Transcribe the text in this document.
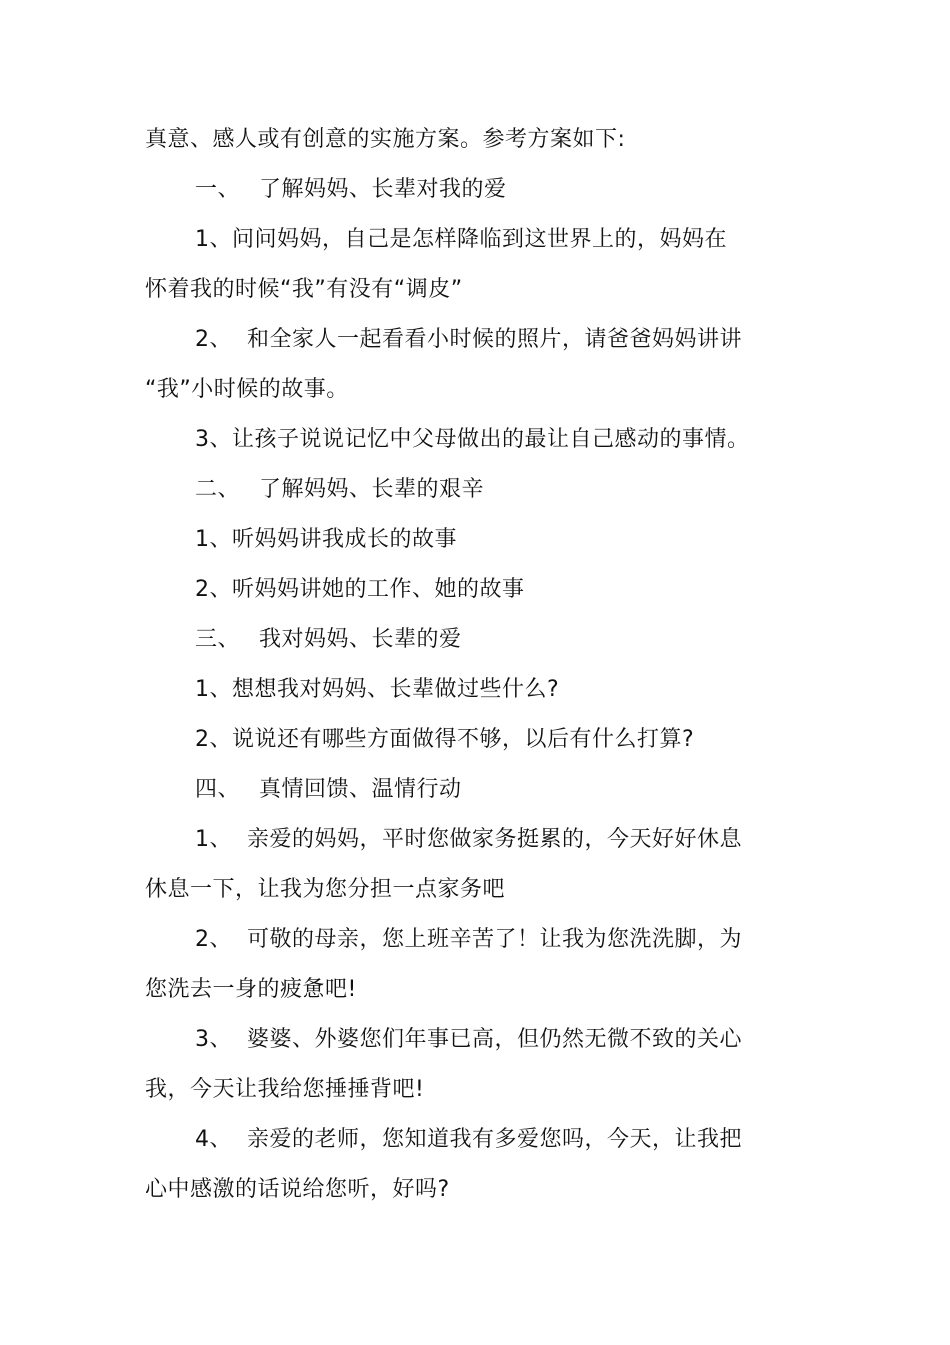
真意、感人或有创意的实施方案。参考方案如下:
一、 了解妈妈、长辈对我的爱
1、问问妈妈，自己是怎样降临到这世界上的，妈妈在
怀着我的时候“我”有没有“调皮”
2、 和全家人一起看看小时候的照片，请爸爸妈妈讲讲
“我”小时候的故事。
3、让孩子说说记忆中父母做出的最让自己感动的事情。
二、 了解妈妈、长辈的艰辛
1、听妈妈讲我成长的故事
2、听妈妈讲她的工作、她的故事
三、 我对妈妈、长辈的爱
1、想想我对妈妈、长辈做过些什么?
2、说说还有哪些方面做得不够，以后有什么打算?
四、 真情回馈、温情行动
1、 亲爱的妈妈，平时您做家务挺累的，今天好好休息
休息一下，让我为您分担一点家务吧
2、 可敬的母亲，您上班辛苦了！让我为您洗洗脚，为
您洗去一身的疲惫吧!
3、 婆婆、外婆您们年事已高，但仍然无微不致的关心
我，今天让我给您捶捶背吧!
4、 亲爱的老师，您知道我有多爱您吗，今天，让我把
心中感激的话说给您听，好吗?
